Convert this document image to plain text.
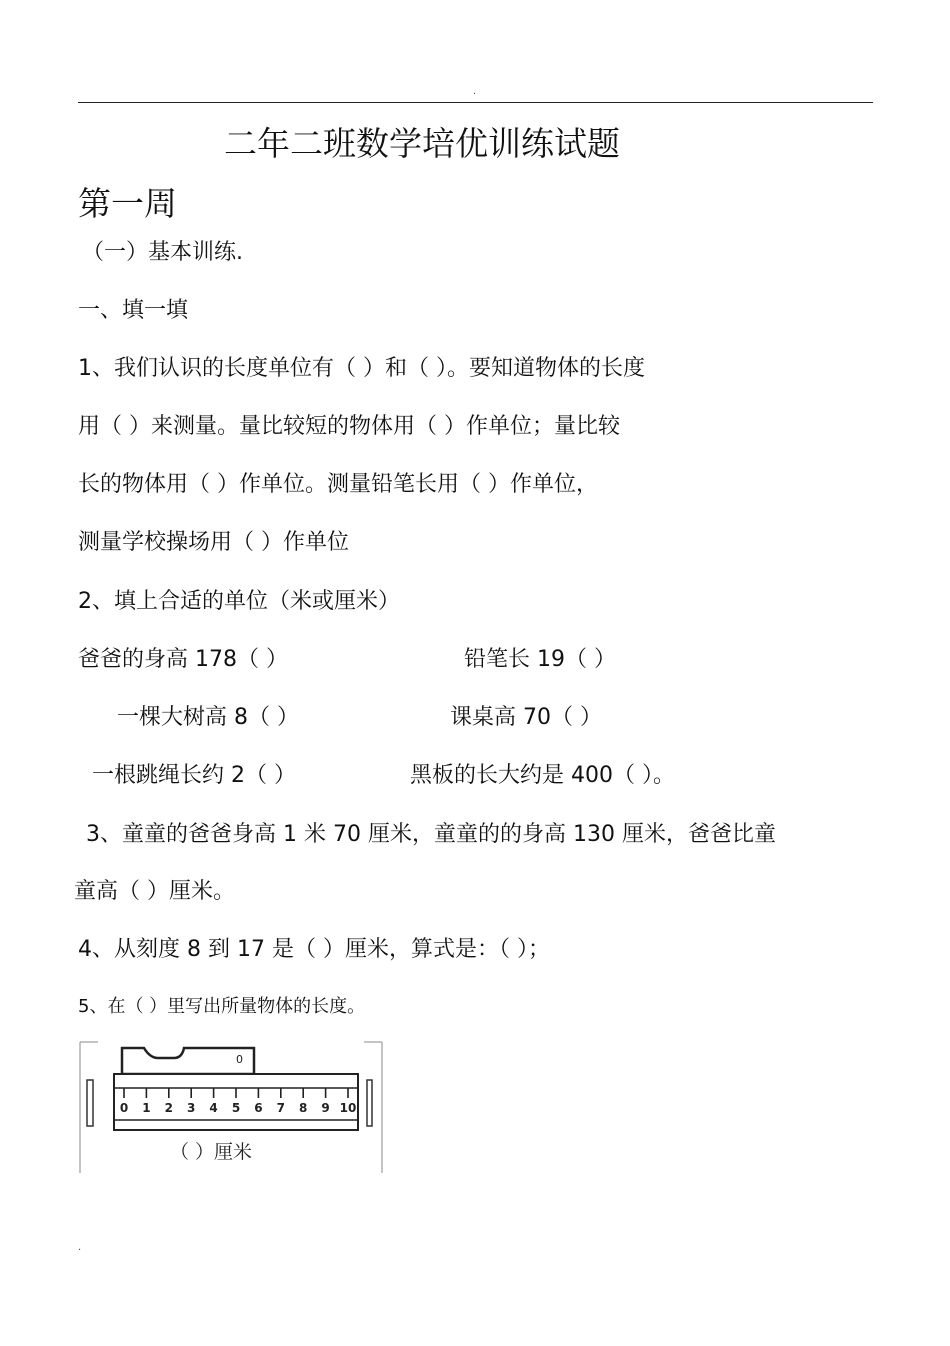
.
二年二班数学培优训练试题
第一周
（一）基本训练.
一、填一填
1、我们认识的长度单位有（ ）和（ ）。要知道物体的长度
用（ ）来测量。量比较短的物体用（ ）作单位；量比较
长的物体用（ ）作单位。测量铅笔长用（ ）作单位，
测量学校操场用（ ）作单位
2、填上合适的单位（米或厘米）
爸爸的身高 178（ ）	铅笔长 19（ ）
一棵大树高 8（ ）	课桌高 70（ ）
一根跳绳长约 2（ ）	黑板的长大约是 400（ ）。
3、童童的爸爸身高 1 米 70 厘米，童童的的身高 130 厘米，爸爸比童
童高（ ）厘米。
4、从刻度 8 到 17 是（ ）厘米，算式是：（ ）；
5、在（ ）里写出所量物体的长度。
0
0 1 2 3 4 5 6 7 8 9 10
（ ）厘米
.
